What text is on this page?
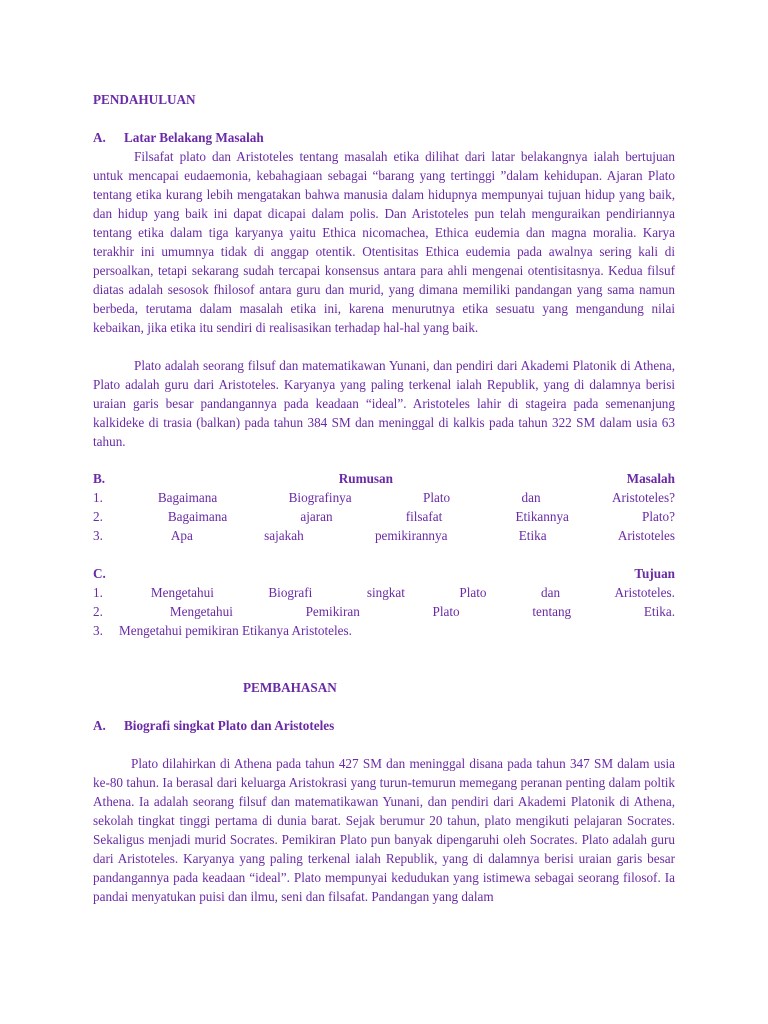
PENDAHULUAN
A. Latar Belakang Masalah
Filsafat plato dan Aristoteles tentang masalah etika dilihat dari latar belakangnya ialah bertujuan untuk mencapai eudaemonia, kebahagiaan sebagai “barang yang tertinggi ”dalam kehidupan. Ajaran Plato tentang etika kurang lebih mengatakan bahwa manusia dalam hidupnya mempunyai tujuan hidup yang baik, dan hidup yang baik ini dapat dicapai dalam polis. Dan Aristoteles pun telah menguraikan pendiriannya tentang etika dalam tiga karyanya yaitu Ethica nicomachea, Ethica eudemia dan magna moralia. Karya terakhir ini umumnya tidak di anggap otentik. Otentisitas Ethica eudemia pada awalnya sering kali di persoalkan, tetapi sekarang sudah tercapai konsensus antara para ahli mengenai otentisitasnya. Kedua filsuf diatas adalah sesosok fhilosof antara guru dan murid, yang dimana memiliki pandangan yang sama namun berbeda, terutama dalam masalah etika ini, karena menurutnya etika sesuatu yang mengandung nilai kebaikan, jika etika itu sendiri di realisasikan terhadap hal-hal yang baik.
Plato adalah seorang filsuf dan matematikawan Yunani, dan pendiri dari Akademi Platonik di Athena, Plato adalah guru dari Aristoteles. Karyanya yang paling terkenal ialah Republik, yang di dalamnya berisi uraian garis besar pandangannya pada keadaan “ideal”. Aristoteles lahir di stageira pada semenanjung kalkideke di trasia (balkan) pada tahun 384 SM dan meninggal di kalkis pada tahun 322 SM dalam usia 63 tahun.
B.	Rumusan	Masalah
1.	Bagaimana	Biografinya	Plato	dan	Aristoteles?
2.	Bagaimana	ajaran	filsafat	Etikannya	Plato?
3.	Apa	sajakah	pemikirannya	Etika	Aristoteles
C.	Tujuan
1.	Mengetahui	Biografi	singkat	Plato	dan	Aristoteles.
2.	Mengetahui	Pemikiran	Plato	tentang	Etika.
3. Mengetahui pemikiran Etikanya Aristoteles.
PEMBAHASAN
A. Biografi singkat Plato dan Aristoteles
Plato dilahirkan di Athena pada tahun 427 SM dan meninggal disana pada tahun 347 SM dalam usia ke-80 tahun. Ia berasal dari keluarga Aristokrasi yang turun-temurun memegang peranan penting dalam poltik Athena. Ia adalah seorang filsuf dan matematikawan Yunani, dan pendiri dari Akademi Platonik di Athena, sekolah tingkat tinggi pertama di dunia barat. Sejak berumur 20 tahun, plato mengikuti pelajaran Socrates. Sekaligus menjadi murid Socrates. Pemikiran Plato pun banyak dipengaruhi oleh Socrates. Plato adalah guru dari Aristoteles. Karyanya yang paling terkenal ialah Republik, yang di dalamnya berisi uraian garis besar pandangannya pada keadaan “ideal”. Plato mempunyai kedudukan yang istimewa sebagai seorang filosof. Ia pandai menyatukan puisi dan ilmu, seni dan filsafat. Pandangan yang dalam
